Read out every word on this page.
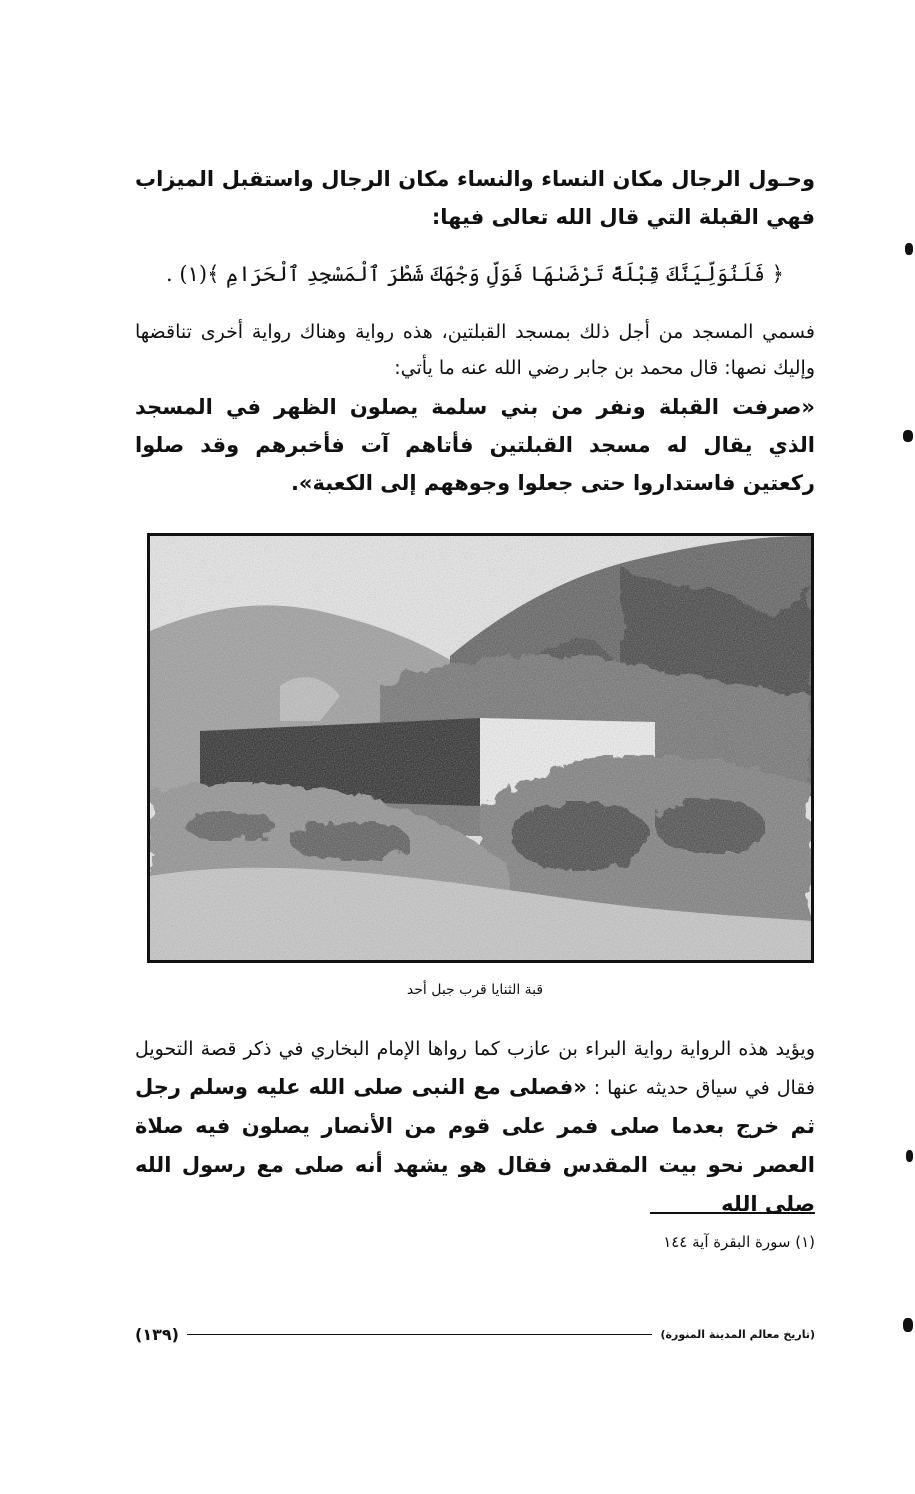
وحـول الرجال مكان النساء والنساء مكان الرجال واستقبل الميزاب فهي القبلة التي قال الله تعالى فيها:

﴿ فَلَنُوَلِّيَنَّكَ قِبْلَةً تَرْضَىٰهَا فَوَلِّ وَجْهَكَ شَطْرَ ٱلْمَسْجِدِ ٱلْحَرَامِ ﴾(١) .

فسمي المسجد من أجل ذلك بمسجد القبلتين، هذه رواية وهناك رواية أخرى تناقضها وإليك نصها: قال محمد بن جابر رضي الله عنه ما يأتي:

«صرفت القبلة ونفر من بني سلمة يصلون الظهر في المسجد الذي يقال له مسجد القبلتين فأتاهم آت فأخبرهم وقد صلوا ركعتين فاستداروا حتى جعلوا وجوههم إلى الكعبة».

قبة الثنايا قرب جبل أحد

ويؤيد هذه الرواية رواية البراء بن عازب كما رواها الإمام البخاري في ذكر قصة التحويل فقال في سياق حديثه عنها : «فصلى مع النبى صلى الله عليه وسلم رجل ثم خرج بعدما صلى فمر على قوم من الأنصار يصلون فيه صلاة العصر نحو بيت المقدس فقال هو يشهد أنه صلى مع رسول الله صلى الله

(١) سورة البقرة آية ١٤٤
(تاريخ معالم المدينة المنورة)
(١٣٩)
